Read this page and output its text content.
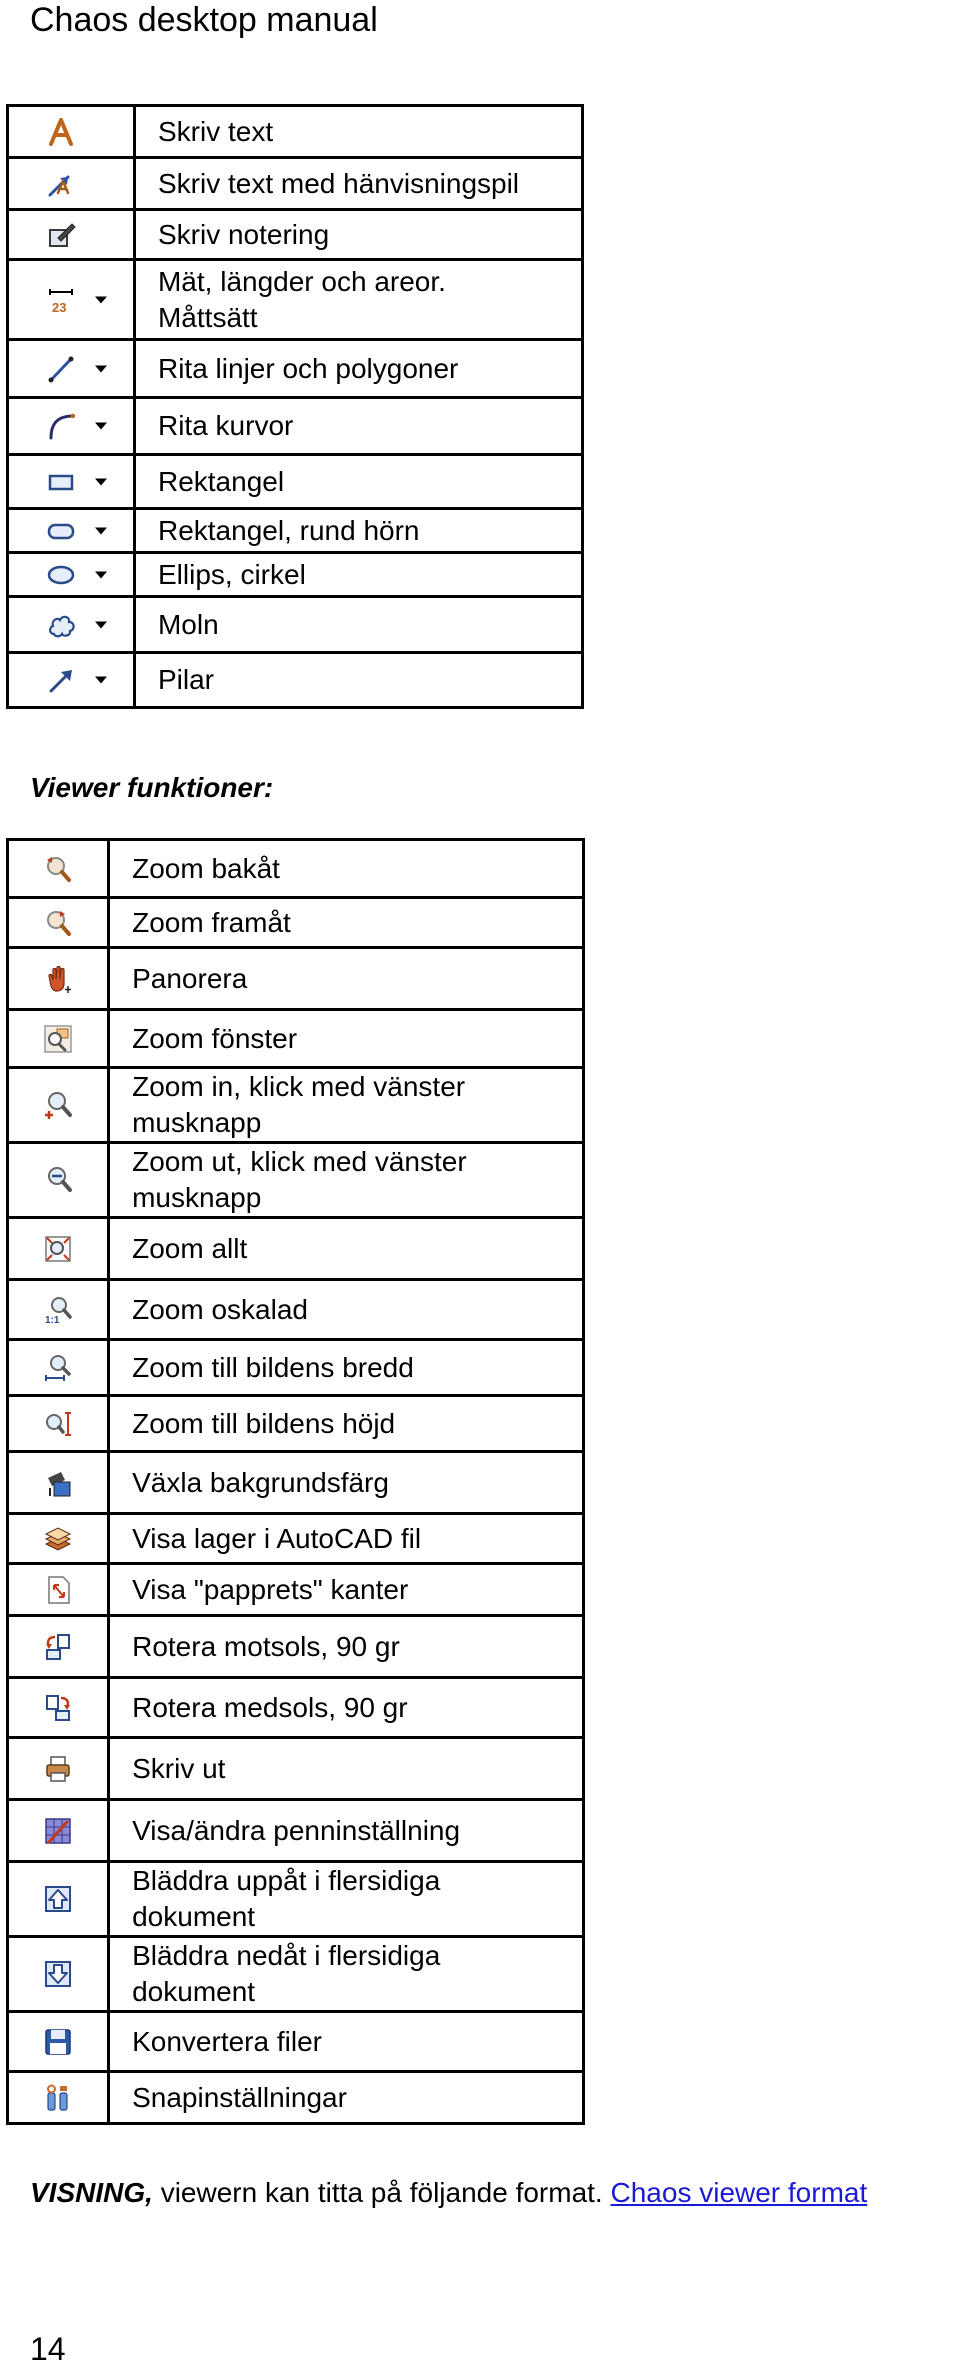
Chaos desktop manual
	Skriv text

	Skriv text med hänvisningspil

	Skriv notering

23	Mät, längder och areor.
Måttsätt

	Rita linjer och polygoner

	Rita kurvor

	Rektangel

	Rektangel, rund hörn

	Ellips, cirkel

	Moln

	Pilar
Viewer funktioner:
	Zoom bakåt

	Zoom framåt

	Panorera

	Zoom fönster

	Zoom in, klick med vänster
musknapp

	Zoom ut, klick med vänster
musknapp

	Zoom allt

1:1	Zoom oskalad

	Zoom till bildens bredd

	Zoom till bildens höjd

	Växla bakgrundsfärg

	Visa lager i AutoCAD fil

	Visa "papprets" kanter

	Rotera motsols, 90 gr

	Rotera medsols, 90 gr

	Skriv ut

	Visa/ändra penninställning

	Bläddra uppåt i flersidiga
dokument

	Bläddra nedåt i flersidiga
dokument

	Konvertera filer

	Snapinställningar
VISNING, viewern kan titta på följande format. Chaos viewer format
14
